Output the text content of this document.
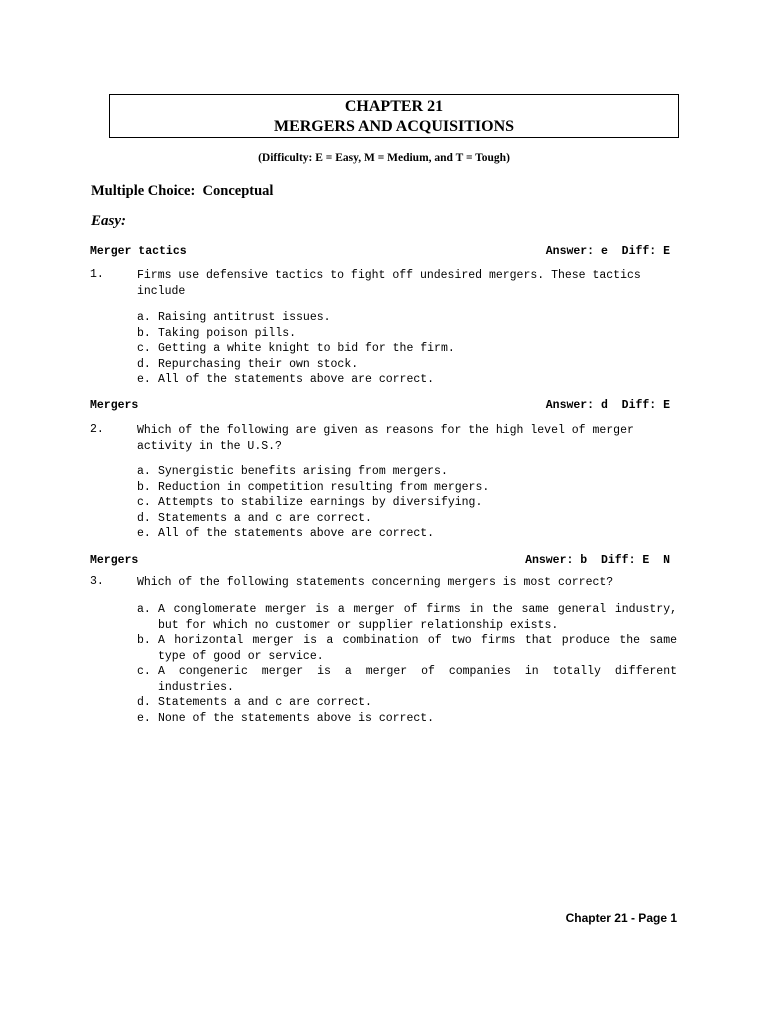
CHAPTER 21
MERGERS AND ACQUISITIONS
(Difficulty: E = Easy, M = Medium, and T = Tough)
Multiple Choice:  Conceptual
Easy:
Merger tactics	Answer: e  Diff: E
1.	Firms use defensive tactics to fight off undesired mergers. These tactics include
a. Raising antitrust issues.
b. Taking poison pills.
c. Getting a white knight to bid for the firm.
d. Repurchasing their own stock.
e. All of the statements above are correct.
Mergers	Answer: d  Diff: E
2.	Which of the following are given as reasons for the high level of merger activity in the U.S.?
a. Synergistic benefits arising from mergers.
b. Reduction in competition resulting from mergers.
c. Attempts to stabilize earnings by diversifying.
d. Statements a and c are correct.
e. All of the statements above are correct.
Mergers	Answer: b  Diff: E  N
3.	Which of the following statements concerning mergers is most correct?
a. A conglomerate merger is a merger of firms in the same general industry, but for which no customer or supplier relationship exists.
b. A horizontal merger is a combination of two firms that produce the same type of good or service.
c. A congeneric merger is a merger of companies in totally different industries.
d. Statements a and c are correct.
e. None of the statements above is correct.
Chapter 21 - Page 1
